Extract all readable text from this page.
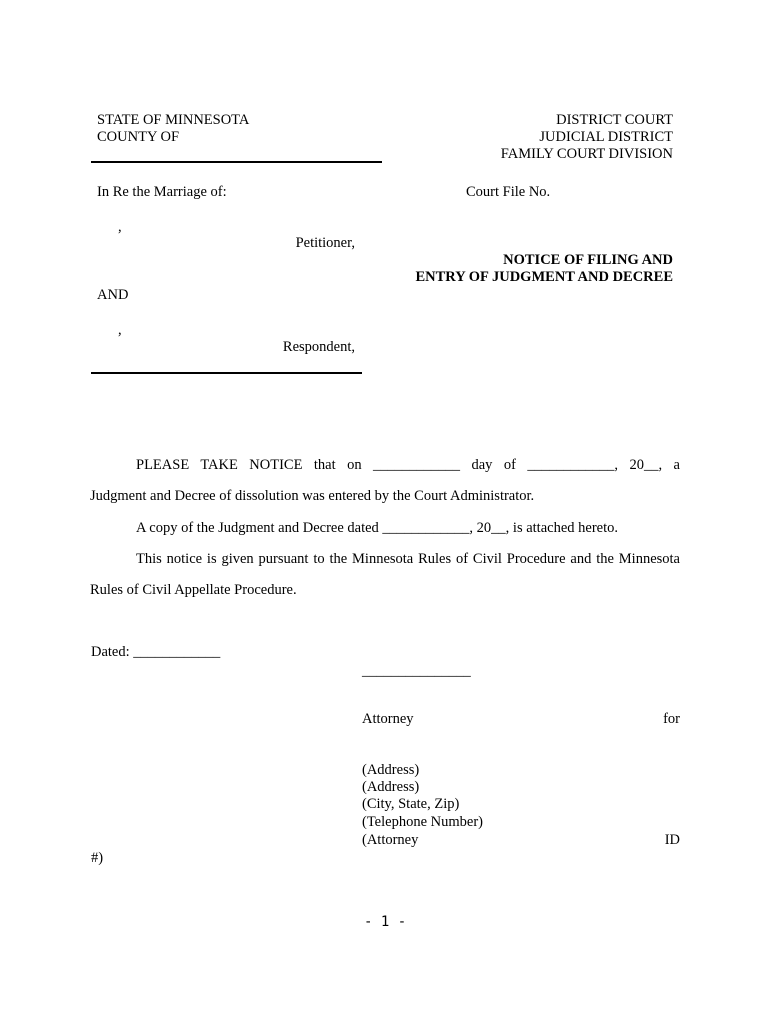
STATE OF MINNESOTA
COUNTY OF
DISTRICT COURT
JUDICIAL DISTRICT
FAMILY COURT DIVISION
In Re the Marriage of:	Court File No.
,
Petitioner,
NOTICE OF FILING AND
ENTRY OF JUDGMENT AND DECREE
AND
,
Respondent,
PLEASE TAKE NOTICE that on ____________ day of ____________, 20__, a
Judgment and Decree of dissolution was entered by the Court Administrator.
A copy of the Judgment and Decree dated ____________, 20__, is attached hereto.
This notice is given pursuant to the Minnesota Rules of Civil Procedure and the Minnesota
Rules of Civil Appellate Procedure.
Dated: ____________
_______________
Attorney	for
(Address)
(Address)
(City, State, Zip)
(Telephone Number)
(Attorney	ID
#)
- 1 -
